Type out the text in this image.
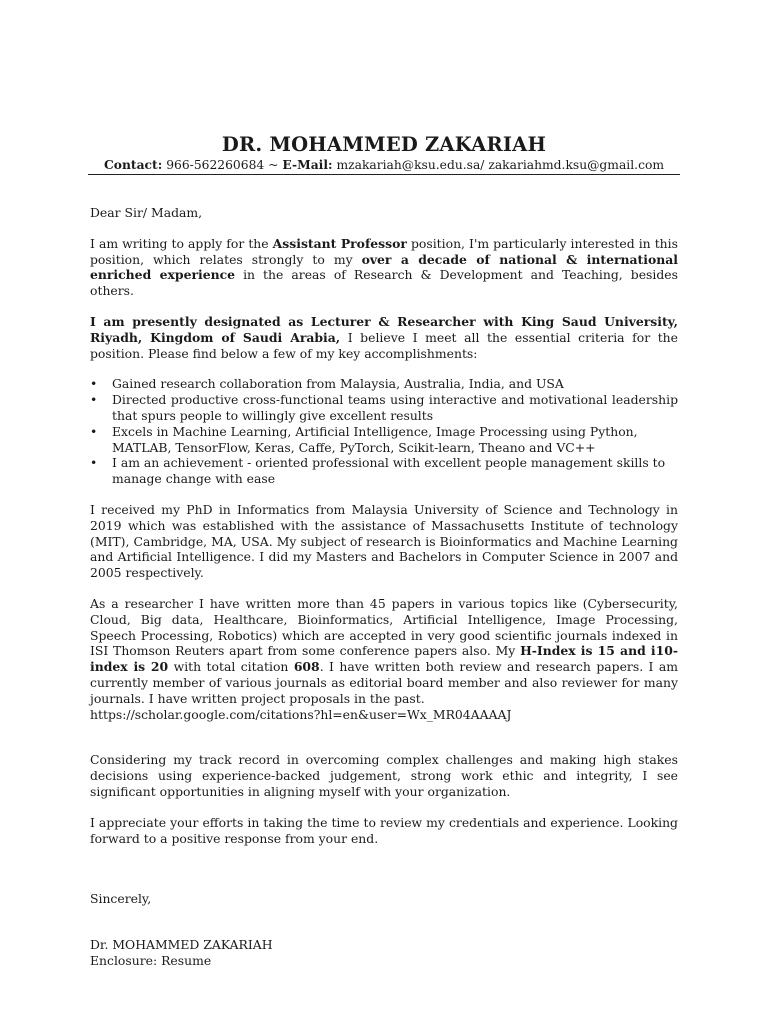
DR. MOHAMMED ZAKARIAH
Contact: 966-562260684 ~ E-Mail: mzakariah@ksu.edu.sa/ zakariahmd.ksu@gmail.com

Dear Sir/ Madam,

I am writing to apply for the Assistant Professor position, I'm particularly interested in this position, which relates strongly to my over a decade of national & international enriched experience in the areas of Research & Development and Teaching, besides others.

I am presently designated as Lecturer & Researcher with King Saud University, Riyadh, Kingdom of Saudi Arabia, I believe I meet all the essential criteria for the position. Please find below a few of my key accomplishments:

• Gained research collaboration from Malaysia, Australia, India, and USA
• Directed productive cross-functional teams using interactive and motivational leadership that spurs people to willingly give excellent results
• Excels in Machine Learning, Artificial Intelligence, Image Processing using Python, MATLAB, TensorFlow, Keras, Caffe, PyTorch, Scikit-learn, Theano and VC++
• I am an achievement - oriented professional with excellent people management skills to manage change with ease

I received my PhD in Informatics from Malaysia University of Science and Technology in 2019 which was established with the assistance of Massachusetts Institute of technology (MIT), Cambridge, MA, USA. My subject of research is Bioinformatics and Machine Learning and Artificial Intelligence. I did my Masters and Bachelors in Computer Science in 2007 and 2005 respectively.

As a researcher I have written more than 45 papers in various topics like (Cybersecurity, Cloud, Big data, Healthcare, Bioinformatics, Artificial Intelligence, Image Processing, Speech Processing, Robotics) which are accepted in very good scientific journals indexed in ISI Thomson Reuters apart from some conference papers also. My H-Index is 15 and i10-index is 20 with total citation 608. I have written both review and research papers. I am currently member of various journals as editorial board member and also reviewer for many journals. I have written project proposals in the past.

https://scholar.google.com/citations?hl=en&user=Wx_MR04AAAAJ

Considering my track record in overcoming complex challenges and making high stakes decisions using experience-backed judgement, strong work ethic and integrity, I see significant opportunities in aligning myself with your organization.

I appreciate your efforts in taking the time to review my credentials and experience. Looking forward to a positive response from your end.

Sincerely,

Dr. MOHAMMED ZAKARIAH

Enclosure: Resume
